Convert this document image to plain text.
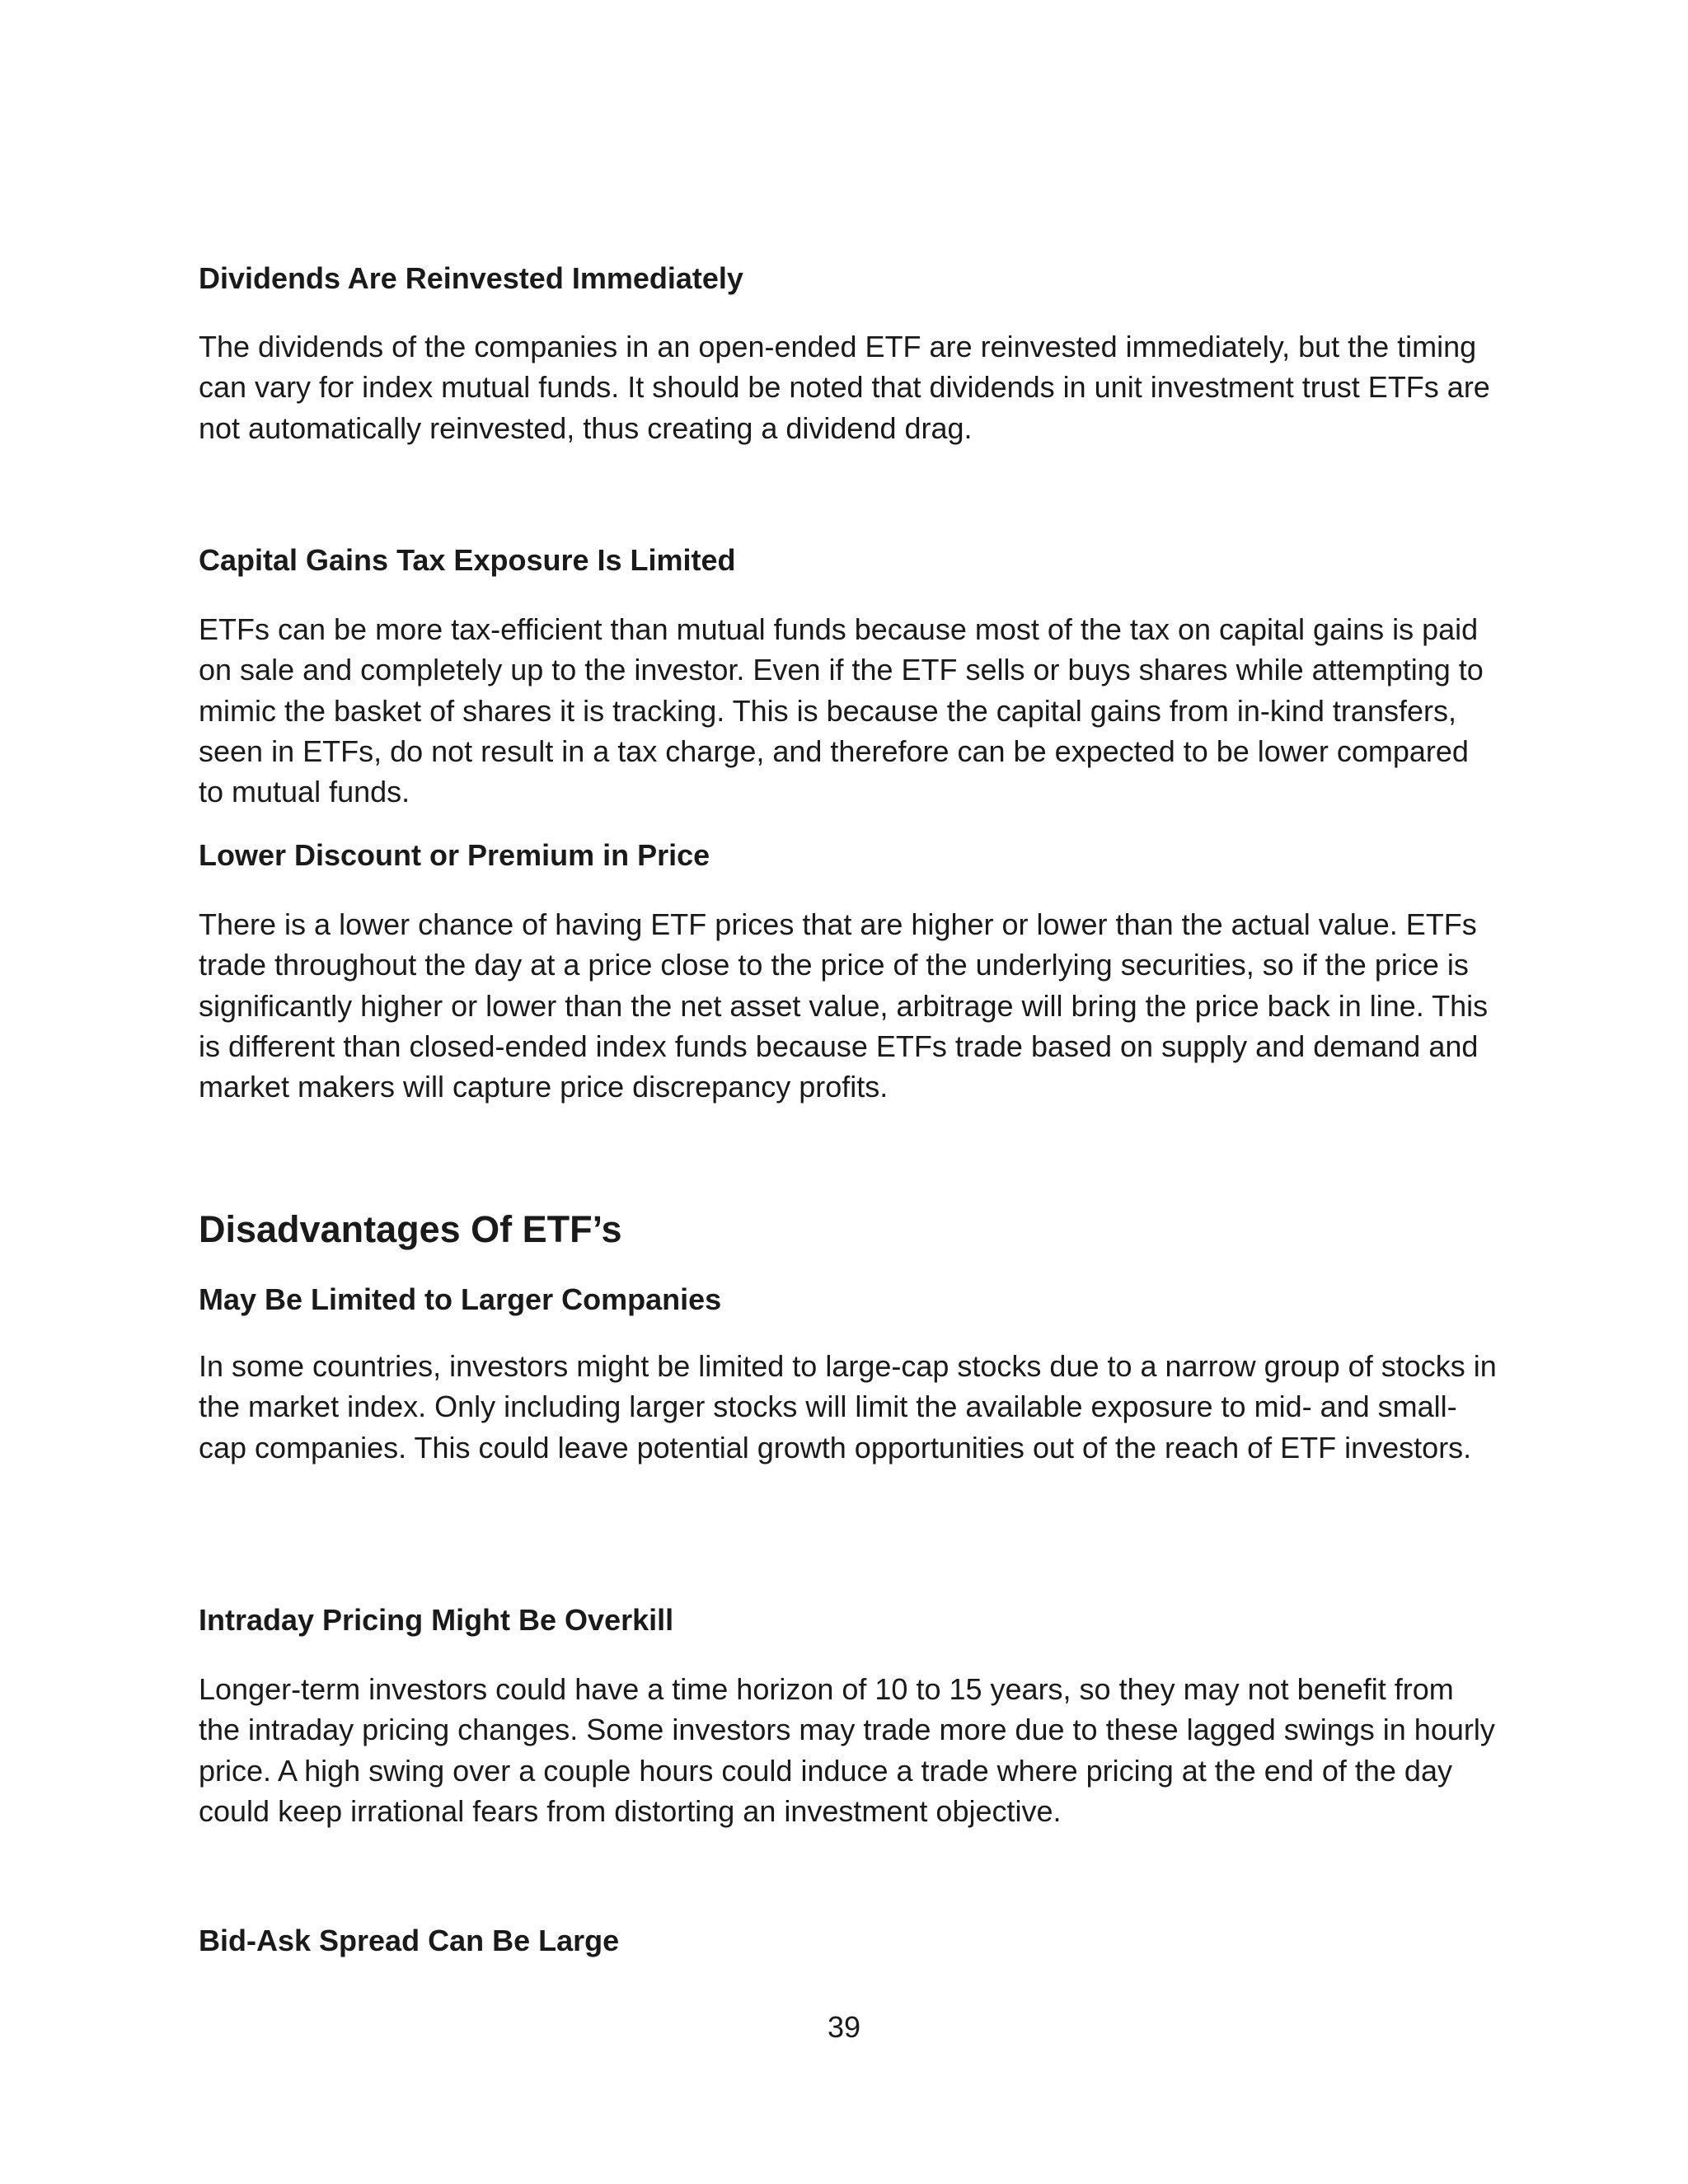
Dividends Are Reinvested Immediately

The dividends of the companies in an open-ended ETF are reinvested immediately, but the timing can vary for index mutual funds. It should be noted that dividends in unit investment trust ETFs are not automatically reinvested, thus creating a dividend drag.

Capital Gains Tax Exposure Is Limited

ETFs can be more tax-efficient than mutual funds because most of the tax on capital gains is paid on sale and completely up to the investor. Even if the ETF sells or buys shares while attempting to mimic the basket of shares it is tracking. This is because the capital gains from in-kind transfers, seen in ETFs, do not result in a tax charge, and therefore can be expected to be lower compared to mutual funds.

Lower Discount or Premium in Price

There is a lower chance of having ETF prices that are higher or lower than the actual value. ETFs trade throughout the day at a price close to the price of the underlying securities, so if the price is significantly higher or lower than the net asset value, arbitrage will bring the price back in line. This is different than closed-ended index funds because ETFs trade based on supply and demand and market makers will capture price discrepancy profits.

Disadvantages Of ETF’s
May Be Limited to Larger Companies

In some countries, investors might be limited to large-cap stocks due to a narrow group of stocks in the market index. Only including larger stocks will limit the available exposure to mid- and small-cap companies. This could leave potential growth opportunities out of the reach of ETF investors.

Intraday Pricing Might Be Overkill

Longer-term investors could have a time horizon of 10 to 15 years, so they may not benefit from the intraday pricing changes. Some investors may trade more due to these lagged swings in hourly price. A high swing over a couple hours could induce a trade where pricing at the end of the day could keep irrational fears from distorting an investment objective.

Bid-Ask Spread Can Be Large
39
